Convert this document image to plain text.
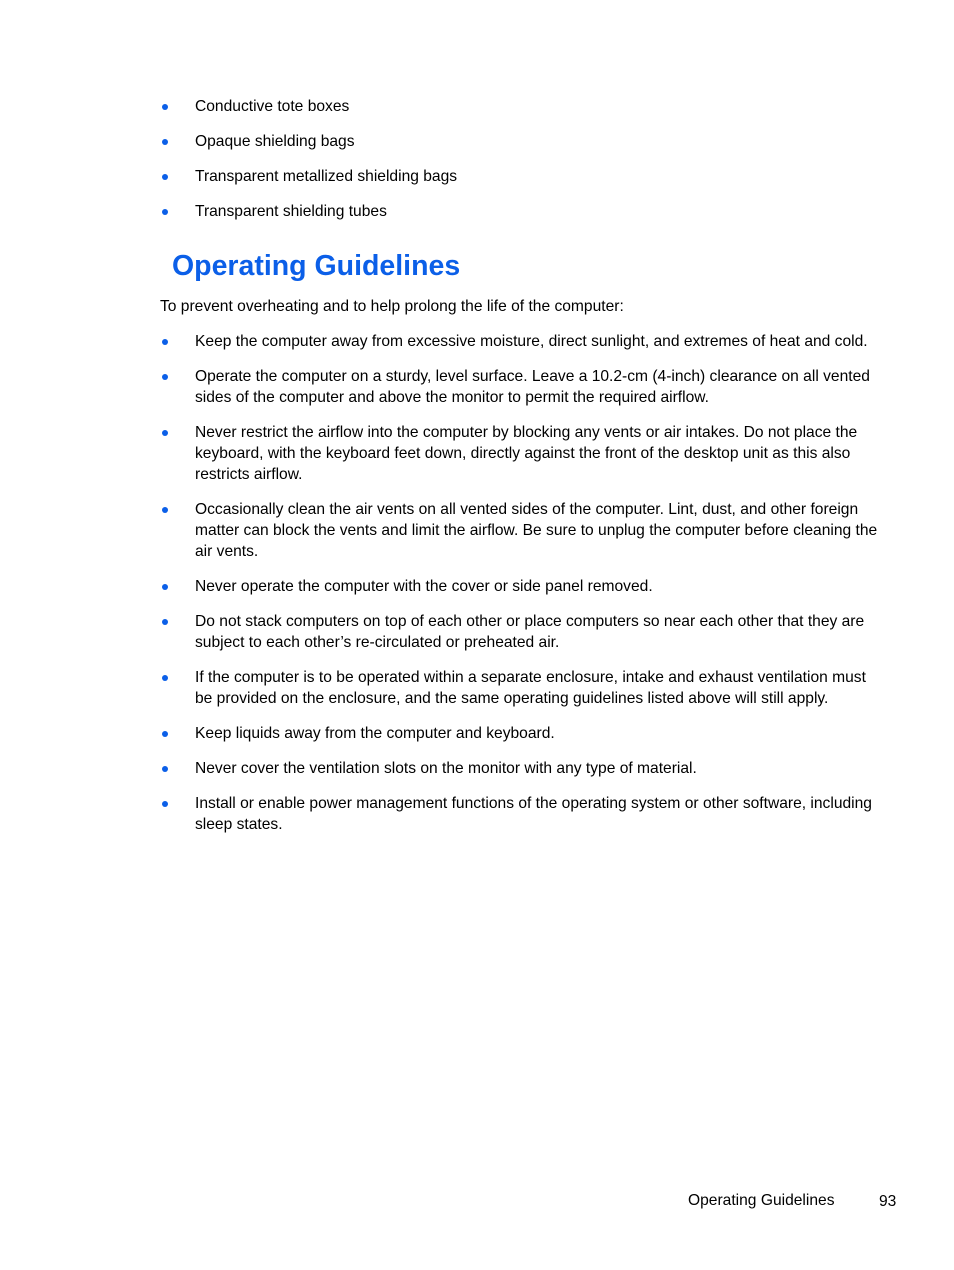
Conductive tote boxes
Opaque shielding bags
Transparent metallized shielding bags
Transparent shielding tubes
Operating Guidelines

To prevent overheating and to help prolong the life of the computer:

Keep the computer away from excessive moisture, direct sunlight, and extremes of heat and cold.
Operate the computer on a sturdy, level surface. Leave a 10.2-cm (4-inch) clearance on all vented sides of the computer and above the monitor to permit the required airflow.
Never restrict the airflow into the computer by blocking any vents or air intakes. Do not place the keyboard, with the keyboard feet down, directly against the front of the desktop unit as this also restricts airflow.
Occasionally clean the air vents on all vented sides of the computer. Lint, dust, and other foreign matter can block the vents and limit the airflow. Be sure to unplug the computer before cleaning the air vents.
Never operate the computer with the cover or side panel removed.
Do not stack computers on top of each other or place computers so near each other that they are subject to each other’s re-circulated or preheated air.
If the computer is to be operated within a separate enclosure, intake and exhaust ventilation must be provided on the enclosure, and the same operating guidelines listed above will still apply.
Keep liquids away from the computer and keyboard.
Never cover the ventilation slots on the monitor with any type of material.
Install or enable power management functions of the operating system or other software, including sleep states.
Operating Guidelines	93
